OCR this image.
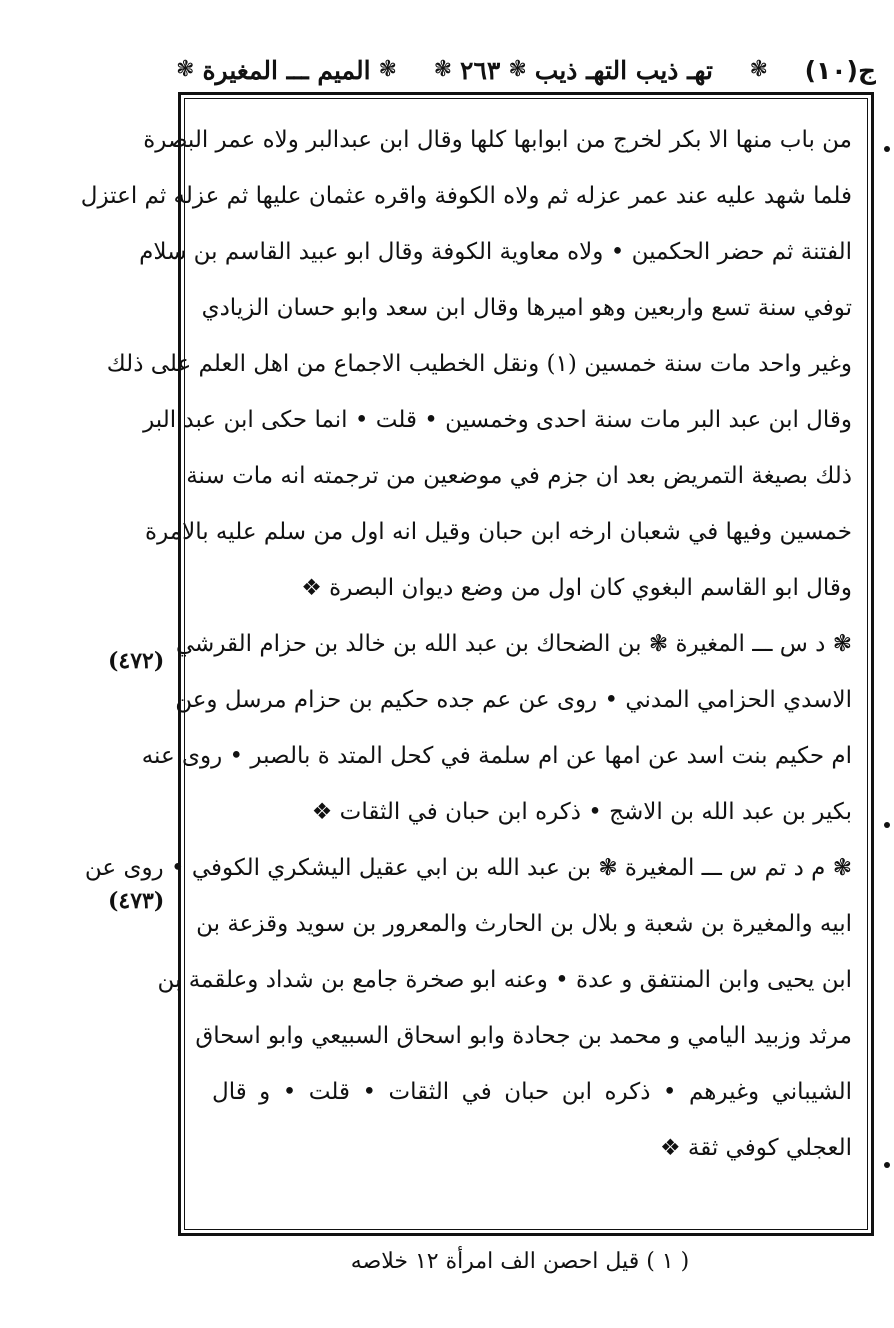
ج(١٠)
❃
تهـ ذيب التهـ ذيب
❃
٢٦٣
❃
❃
الميم ـــ المغيرة
❃
من باب منها الا بكر لخرج من ابوابها كلها وقال ابن عبدالبر ولاه عمر البصرة
فلما شهد عليه عند عمر عزله ثم ولاه الكوفة واقره عثمان عليها ثم عزله ثم اعتزل
الفتنة ثم حضر الحكمين • ولاه معاوية الكوفة وقال ابو عبيد القاسم بن سلام
توفي سنة تسع واربعين وهو اميرها وقال ابن سعد وابو حسان الزيادي
وغير واحد مات سنة خمسين (١) ونقل الخطيب الاجماع من اهل العلم على ذلك
وقال ابن عبد البر مات سنة احدى وخمسين • قلت • انما حكى ابن عبد البر
ذلك بصيغة التمريض بعد ان جزم في موضعين من ترجمته انه مات سنة
خمسين وفيها في شعبان ارخه ابن حبان وقيل انه اول من سلم عليه بالامرة
وقال ابو القاسم البغوي كان اول من وضع ديوان البصرة ❖
❃ د س ـــ المغيرة ❃ بن الضحاك بن عبد الله بن خالد بن حزام القرشي
الاسدي الحزامي المدني • روى عن عم جده حكيم بن حزام مرسل وعن
ام حكيم بنت اسد عن امها عن ام سلمة في كحل المتد ة بالصبر • روى عنه
بكير بن عبد الله بن الاشج • ذكره ابن حبان في الثقات ❖
❃ م د تم س ـــ المغيرة ❃ بن عبد الله بن ابي عقيل اليشكري الكوفي • روى عن
ابيه والمغيرة بن شعبة و بلال بن الحارث والمعرور بن سويد وقزعة بن
ابن يحيى وابن المنتفق و عدة • وعنه ابو صخرة جامع بن شداد وعلقمة بن
مرثد وزبيد اليامي و محمد بن جحادة وابو اسحاق السبيعي وابو اسحاق
الشيباني وغيرهم • ذكره ابن حبان في الثقات • قلت • و قال
العجلي كوفي ثقة ❖
(٤٧٢)
(٤٧٣)
( ١ ) قيل احصن الف امرأة ١٢ خلاصه
